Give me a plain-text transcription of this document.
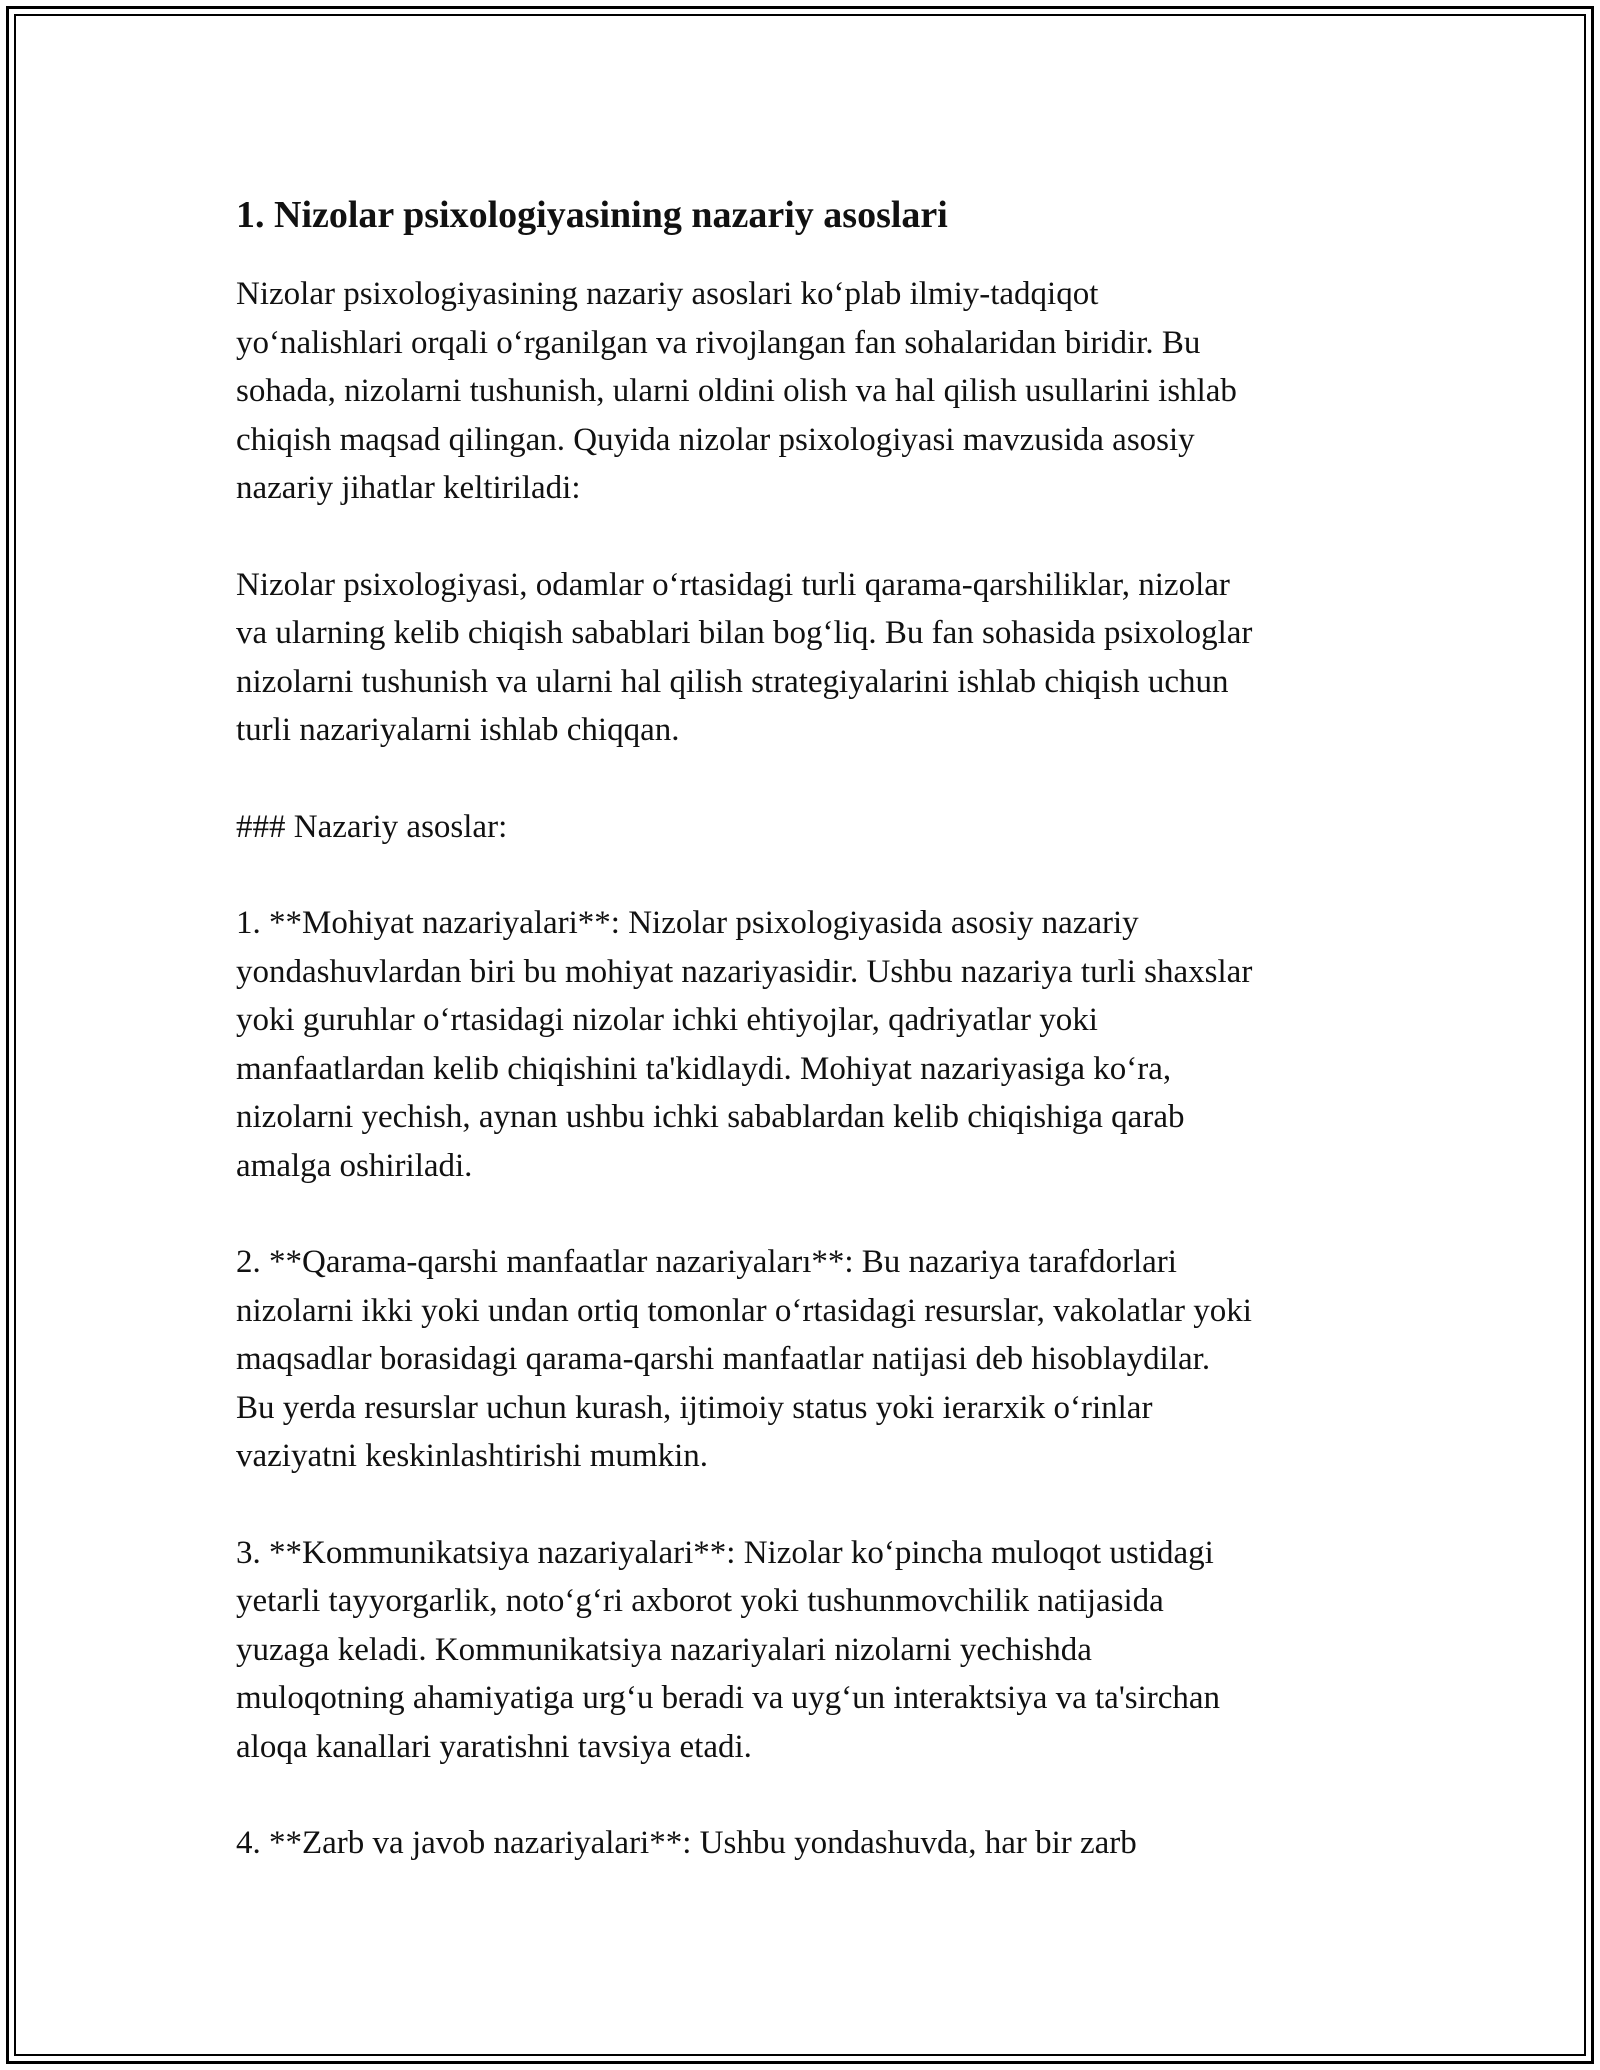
1. Nizolar psixologiyasining nazariy asoslari

Nizolar psixologiyasining nazariy asoslari ko‘plab ilmiy-tadqiqot
yo‘nalishlari orqali o‘rganilgan va rivojlangan fan sohalaridan biridir. Bu
sohada, nizolarni tushunish, ularni oldini olish va hal qilish usullarini ishlab
chiqish maqsad qilingan. Quyida nizolar psixologiyasi mavzusida asosiy
nazariy jihatlar keltiriladi:

Nizolar psixologiyasi, odamlar o‘rtasidagi turli qarama-qarshiliklar, nizolar
va ularning kelib chiqish sabablari bilan bog‘liq. Bu fan sohasida psixologlar
nizolarni tushunish va ularni hal qilish strategiyalarini ishlab chiqish uchun
turli nazariyalarni ishlab chiqqan.

### Nazariy asoslar:

1. **Mohiyat nazariyalari**: Nizolar psixologiyasida asosiy nazariy
yondashuvlardan biri bu mohiyat nazariyasidir. Ushbu nazariya turli shaxslar
yoki guruhlar o‘rtasidagi nizolar ichki ehtiyojlar, qadriyatlar yoki
manfaatlardan kelib chiqishini ta'kidlaydi. Mohiyat nazariyasiga ko‘ra,
nizolarni yechish, aynan ushbu ichki sabablardan kelib chiqishiga qarab
amalga oshiriladi.

2. **Qarama-qarshi manfaatlar nazariyaları**: Bu nazariya tarafdorlari
nizolarni ikki yoki undan ortiq tomonlar o‘rtasidagi resurslar, vakolatlar yoki
maqsadlar borasidagi qarama-qarshi manfaatlar natijasi deb hisoblaydilar.
Bu yerda resurslar uchun kurash, ijtimoiy status yoki ierarxik o‘rinlar
vaziyatni keskinlashtirishi mumkin.

3. **Kommunikatsiya nazariyalari**: Nizolar ko‘pincha muloqot ustidagi
yetarli tayyorgarlik, noto‘g‘ri axborot yoki tushunmovchilik natijasida
yuzaga keladi. Kommunikatsiya nazariyalari nizolarni yechishda
muloqotning ahamiyatiga urg‘u beradi va uyg‘un interaktsiya va ta'sirchan
aloqa kanallari yaratishni tavsiya etadi.

4. **Zarb va javob nazariyalari**: Ushbu yondashuvda, har bir zarb
